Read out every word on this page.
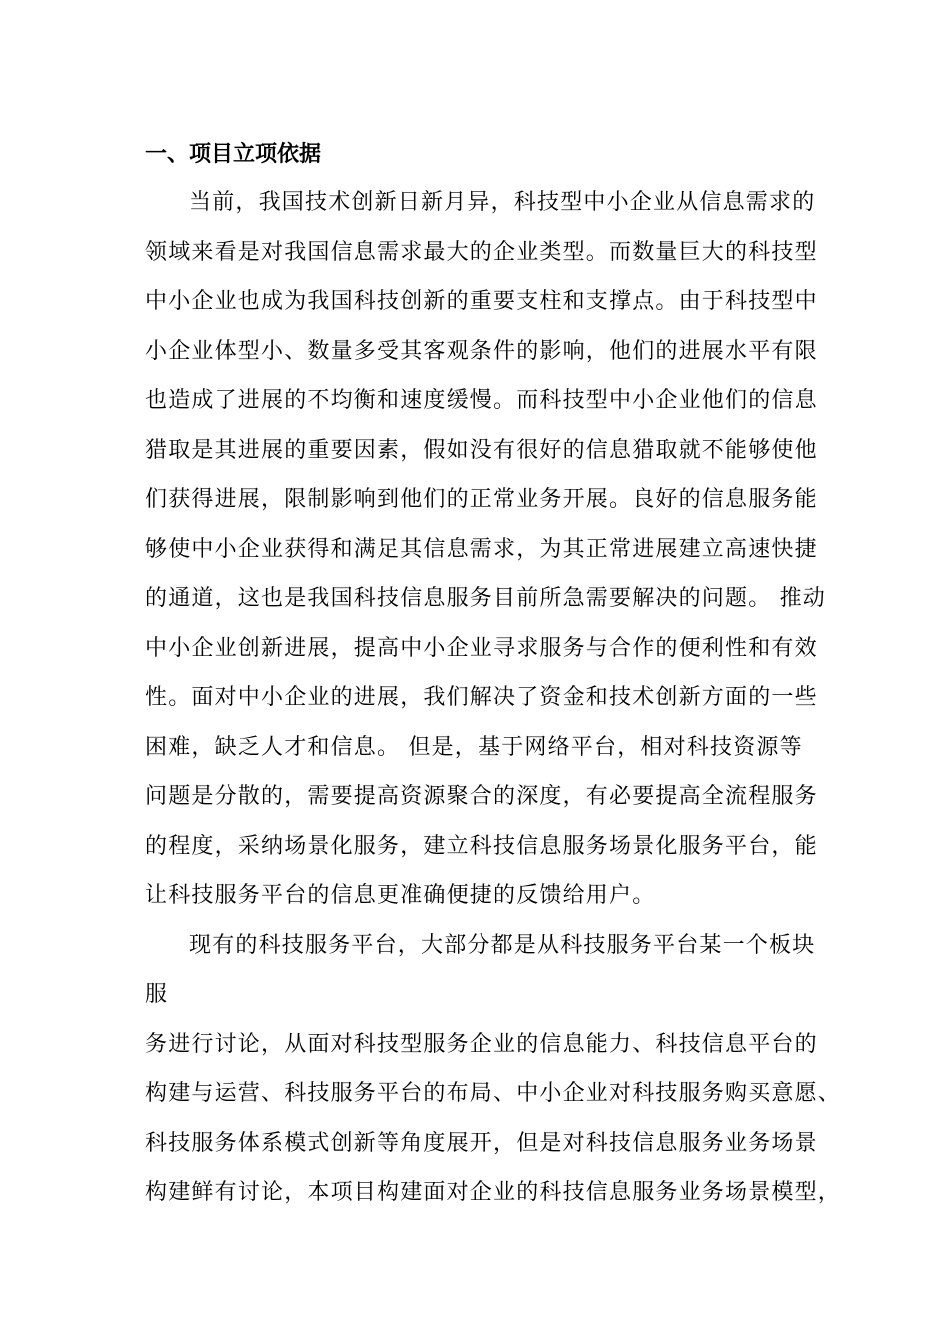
一、项目立项依据

当前，我国技术创新日新月异，科技型中小企业从信息需求的

领域来看是对我国信息需求最大的企业类型。而数量巨大的科技型

中小企业也成为我国科技创新的重要支柱和支撑点。由于科技型中

小企业体型小、数量多受其客观条件的影响，他们的进展水平有限

也造成了进展的不均衡和速度缓慢。而科技型中小企业他们的信息

猎取是其进展的重要因素，假如没有很好的信息猎取就不能够使他

们获得进展，限制影响到他们的正常业务开展。良好的信息服务能

够使中小企业获得和满足其信息需求，为其正常进展建立高速快捷

的通道，这也是我国科技信息服务目前所急需要解决的问题。 推动

中小企业创新进展，提高中小企业寻求服务与合作的便利性和有效

性。面对中小企业的进展，我们解决了资金和技术创新方面的一些

困难，缺乏人才和信息。 但是，基于网络平台，相对科技资源等

问题是分散的，需要提高资源聚合的深度，有必要提高全流程服务

的程度，采纳场景化服务，建立科技信息服务场景化服务平台，能

让科技服务平台的信息更准确便捷的反馈给用户。

现有的科技服务平台，大部分都是从科技服务平台某一个板块

服

务进行讨论，从面对科技型服务企业的信息能力、科技信息平台的

构建与运营、科技服务平台的布局、中小企业对科技服务购买意愿、

科技服务体系模式创新等角度展开，但是对科技信息服务业务场景

构建鲜有讨论，本项目构建面对企业的科技信息服务业务场景模型，
